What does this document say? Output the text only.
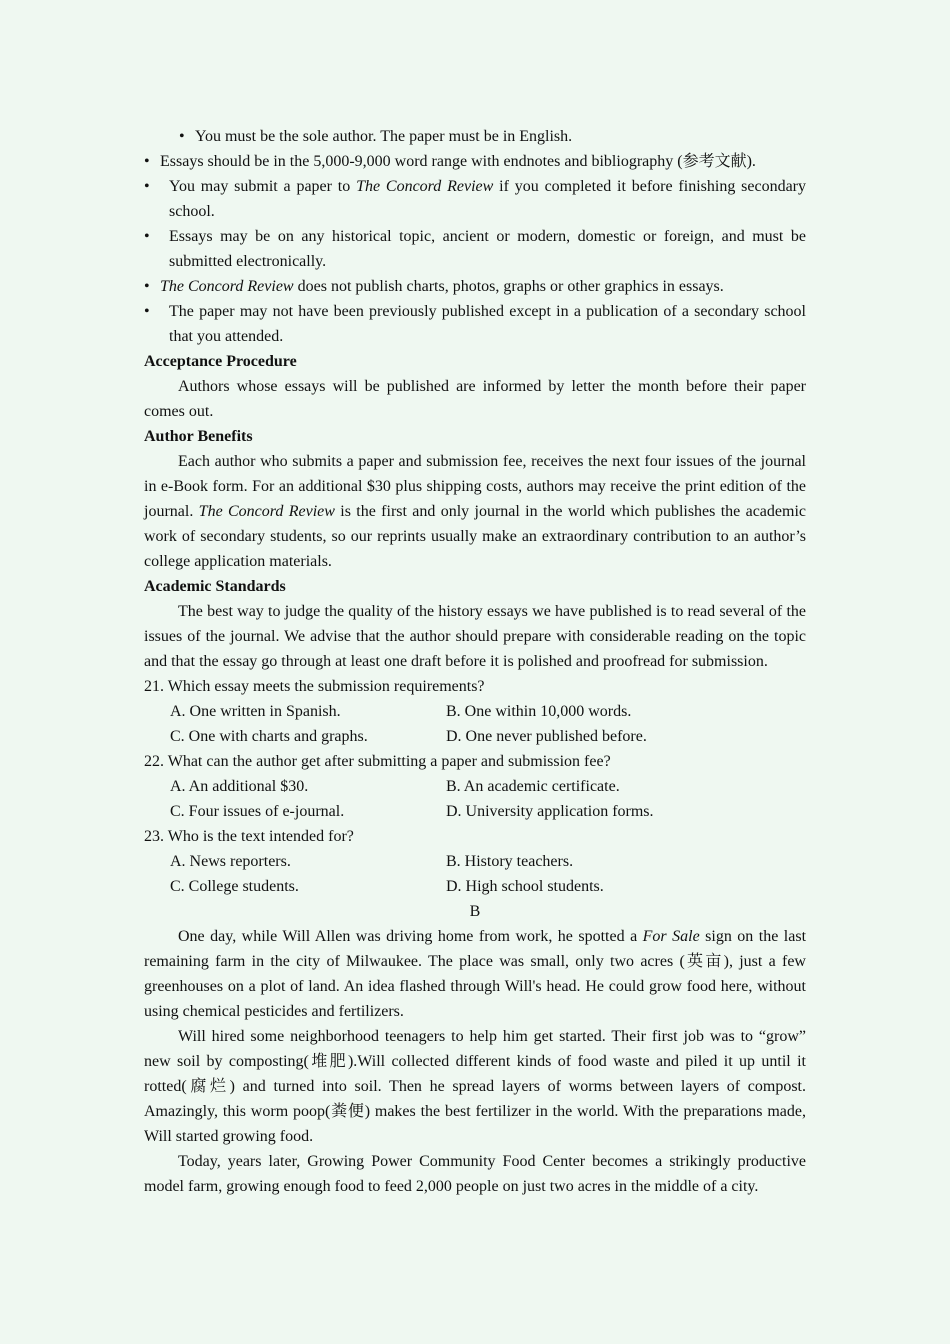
• You must be the sole author. The paper must be in English.

• Essays should be in the 5,000-9,000 word range with endnotes and bibliography (参考文献).

• You may submit a paper to The Concord Review if you completed it before finishing secondary school.

• Essays may be on any historical topic, ancient or modern, domestic or foreign, and must be submitted electronically.

• The Concord Review does not publish charts, photos, graphs or other graphics in essays.

• The paper may not have been previously published except in a publication of a secondary school that you attended.

Acceptance Procedure

Authors whose essays will be published are informed by letter the month before their paper comes out.

Author Benefits

Each author who submits a paper and submission fee, receives the next four issues of the journal in e-Book form. For an additional $30 plus shipping costs, authors may receive the print edition of the journal. The Concord Review is the first and only journal in the world which publishes the academic work of secondary students, so our reprints usually make an extraordinary contribution to an author’s college application materials.

Academic Standards

The best way to judge the quality of the history essays we have published is to read several of the issues of the journal. We advise that the author should prepare with considerable reading on the topic and that the essay go through at least one draft before it is polished and proofread for submission.

21. Which essay meets the submission requirements?

A. One written in Spanish.	B. One within 10,000 words.
C. One with charts and graphs.	D. One never published before.

22. What can the author get after submitting a paper and submission fee?

A. An additional $30.	B. An academic certificate.
C. Four issues of e-journal.	D. University application forms.

23. Who is the text intended for?

A. News reporters.	B. History teachers.
C. College students.	D. High school students.

B

One day, while Will Allen was driving home from work, he spotted a For Sale sign on the last remaining farm in the city of Milwaukee. The place was small, only two acres (英亩), just a few greenhouses on a plot of land. An idea flashed through Will's head. He could grow food here, without using chemical pesticides and fertilizers.

Will hired some neighborhood teenagers to help him get started. Their first job was to “grow” new soil by composting(堆肥).Will collected different kinds of food waste and piled it up until it rotted(腐烂) and turned into soil. Then he spread layers of worms between layers of compost. Amazingly, this worm poop(粪便) makes the best fertilizer in the world. With the preparations made, Will started growing food.

Today, years later, Growing Power Community Food Center becomes a strikingly productive model farm, growing enough food to feed 2,000 people on just two acres in the middle of a city.
